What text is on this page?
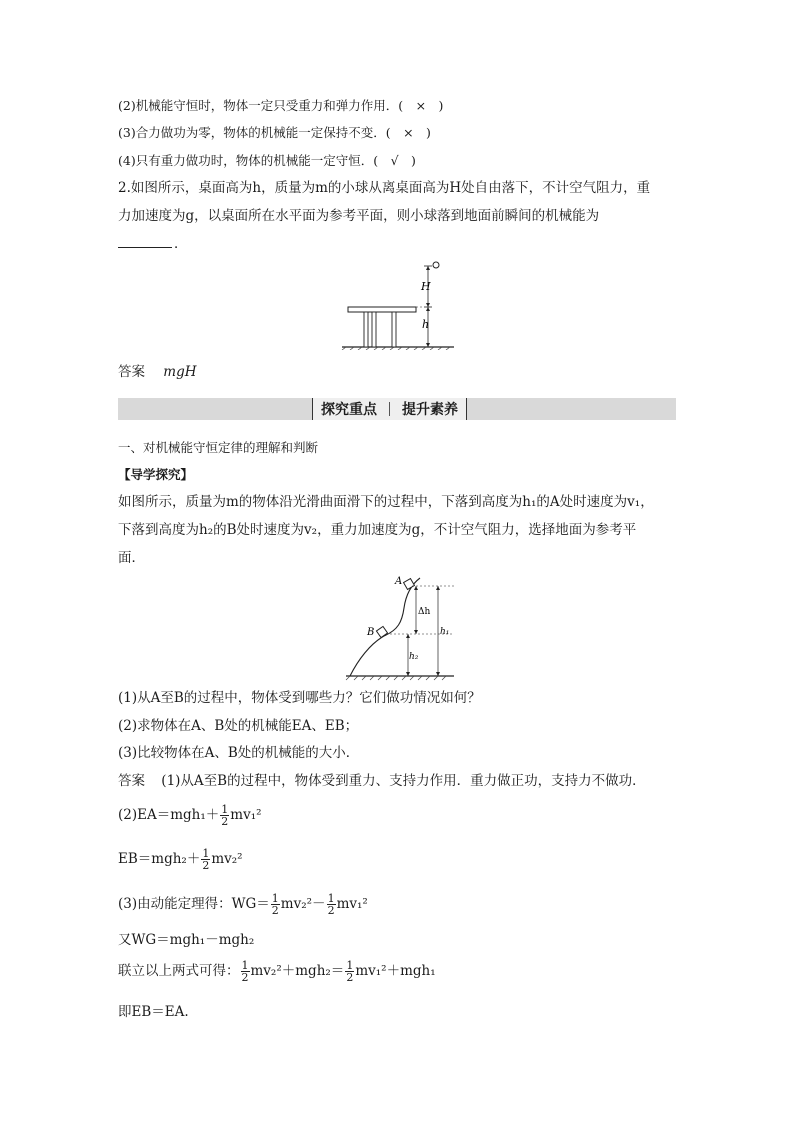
(2)机械能守恒时，物体一定只受重力和弹力作用．(　×　)
(3)合力做功为零，物体的机械能一定保持不变．(　×　)
(4)只有重力做功时，物体的机械能一定守恒．(　√　)
2.如图所示，桌面高为h，质量为m的小球从离桌面高为H处自由落下，不计空气阻力，重
力加速度为g，以桌面所在水平面为参考平面，则小球落到地面前瞬间的机械能为
．
H
h
答案 mgH
探究重点 提升素养
一、对机械能守恒定律的理解和判断
【导学探究】
如图所示，质量为m的物体沿光滑曲面滑下的过程中，下落到高度为h₁的A处时速度为v₁，
下落到高度为h₂的B处时速度为v₂，重力加速度为g，不计空气阻力，选择地面为参考平
面．
A
B
Δh
h₁
h₂
(1)从A至B的过程中，物体受到哪些力？它们做功情况如何？
(2)求物体在A、B处的机械能EA、EB；
(3)比较物体在A、B处的机械能的大小．
答案 (1)从A至B的过程中，物体受到重力、支持力作用．重力做正功，支持力不做功．
$(2)EA=mgh_1+ \frac{1}{2} mv_1^2$
$EB=mgh_2+ \frac{1}{2} mv_2^2$
(3)由动能定理得：$WG= \frac{1}{2} mv_2^2- \frac{1}{2} mv_1^2$
又WG＝mgh₁－mgh₂
联立以上两式可得： $\frac{1}{2} mv_2^2+mgh_2= \frac{1}{2} mv_1^2+mgh_1$
即EB＝EA.
